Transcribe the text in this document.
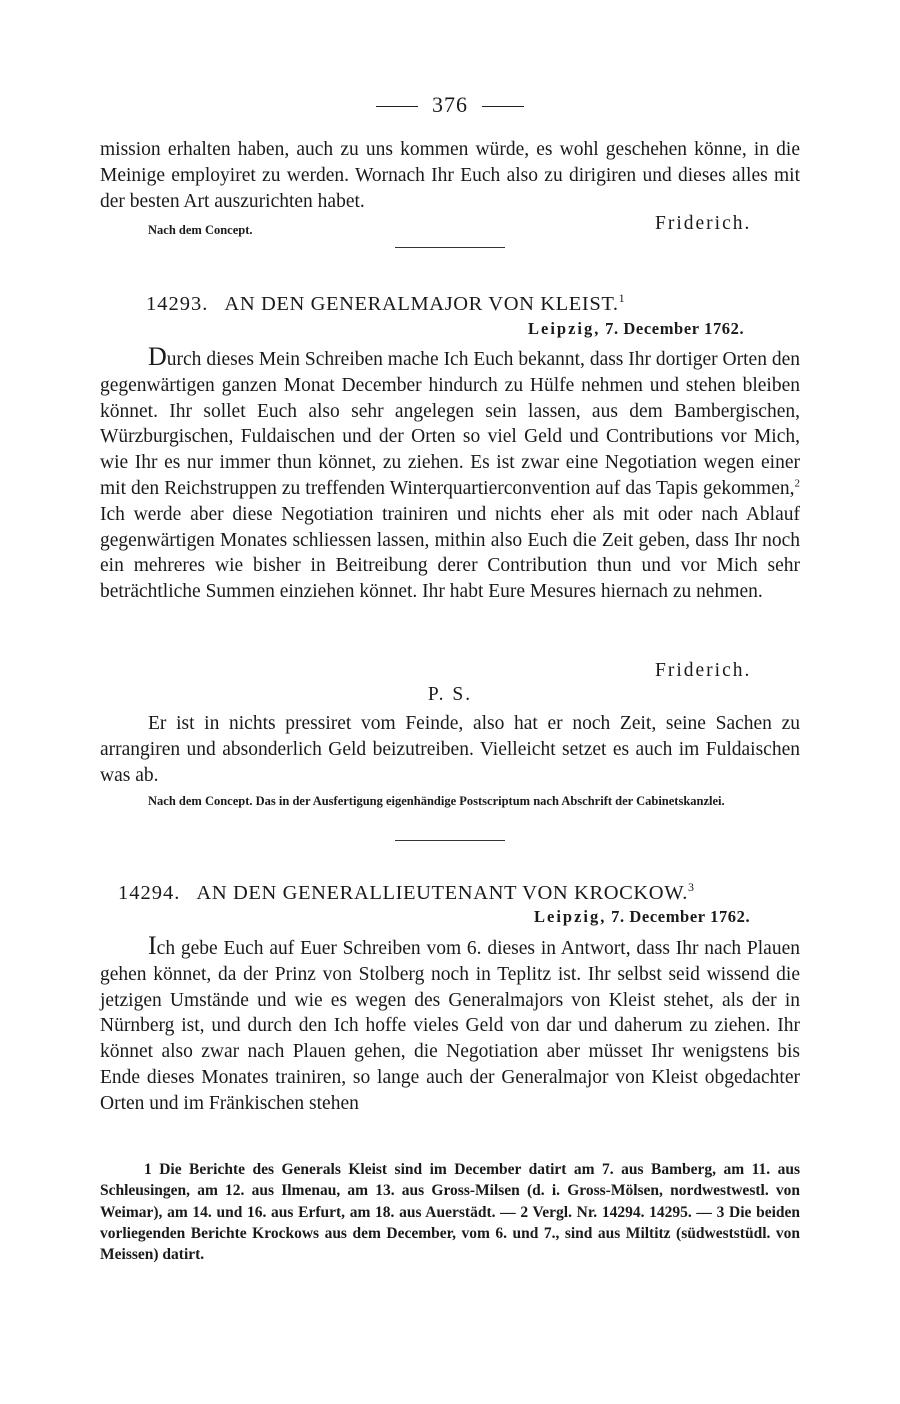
376

mission erhalten haben, auch zu uns kommen würde, es wohl geschehen könne, in die Meinige employiret zu werden. Wornach Ihr Euch also zu dirigiren und dieses alles mit der besten Art auszurichten habet.

Nach dem Concept.	Friderich.
14293. AN DEN GENERALMAJOR VON KLEIST.$^1$
Leipzig, 7. December 1762.

Durch dieses Mein Schreiben mache Ich Euch bekannt, dass Ihr dortiger Orten den gegenwärtigen ganzen Monat December hindurch zu Hülfe nehmen und stehen bleiben könnet. Ihr sollet Euch also sehr angelegen sein lassen, aus dem Bambergischen, Würzburgischen, Fuldaischen und der Orten so viel Geld und Contributions vor Mich, wie Ihr es nur immer thun könnet, zu ziehen. Es ist zwar eine Negotiation wegen einer mit den Reichstruppen zu treffenden Winterquartierconvention auf das Tapis gekommen,$^2$ Ich werde aber diese Negotiation trainiren und nichts eher als mit oder nach Ablauf gegenwärtigen Monates schliessen lassen, mithin also Euch die Zeit geben, dass Ihr noch ein mehreres wie bisher in Beitreibung derer Contribution thun und vor Mich sehr beträchtliche Summen einziehen könnet. Ihr habt Eure Mesures hiernach zu nehmen.

Friderich.
P. S.

Er ist in nichts pressiret vom Feinde, also hat er noch Zeit, seine Sachen zu arrangiren und absonderlich Geld beizutreiben. Vielleicht setzet es auch im Fuldaischen was ab.

Nach dem Concept. Das in der Ausfertigung eigenhändige Postscriptum nach Abschrift der Cabinetskanzlei.
14294. AN DEN GENERALLIEUTENANT VON KROCKOW.$^3$
Leipzig, 7. December 1762.

Ich gebe Euch auf Euer Schreiben vom 6. dieses in Antwort, dass Ihr nach Plauen gehen könnet, da der Prinz von Stolberg noch in Teplitz ist. Ihr selbst seid wissend die jetzigen Umstände und wie es wegen des Generalmajors von Kleist stehet, als der in Nürnberg ist, und durch den Ich hoffe vieles Geld von dar und daherum zu ziehen. Ihr könnet also zwar nach Plauen gehen, die Negotiation aber müsset Ihr wenigstens bis Ende dieses Monates trainiren, so lange auch der Generalmajor von Kleist obgedachter Orten und im Fränkischen stehen

1 Die Berichte des Generals Kleist sind im December datirt am 7. aus Bamberg, am 11. aus Schleusingen, am 12. aus Ilmenau, am 13. aus Gross-Milsen (d. i. Gross-Mölsen, nordwestwestl. von Weimar), am 14. und 16. aus Erfurt, am 18. aus Auerstädt. — 2 Vergl. Nr. 14294. 14295. — 3 Die beiden vorliegenden Berichte Krockows aus dem December, vom 6. und 7., sind aus Miltitz (südweststüdl. von Meissen) datirt.
